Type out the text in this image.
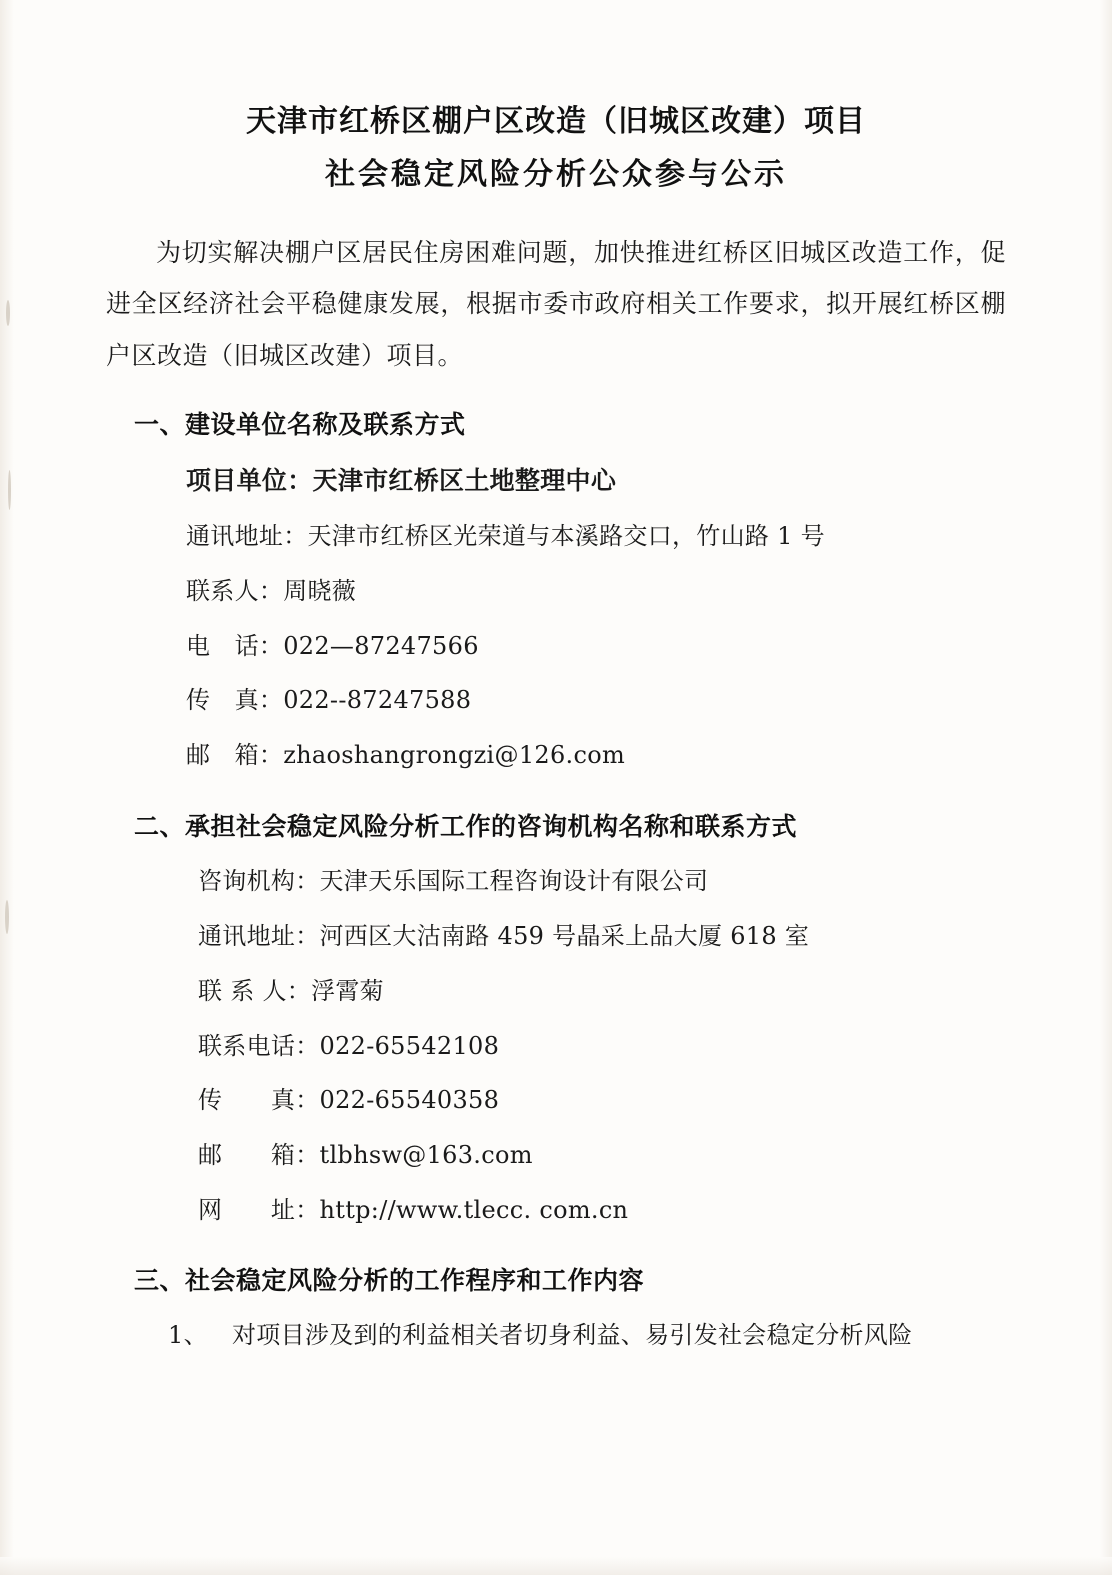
天津市红桥区棚户区改造（旧城区改建）项目
社会稳定风险分析公众参与公示

为切实解决棚户区居民住房困难问题，加快推进红桥区旧城区改造工作，促进全区经济社会平稳健康发展，根据市委市政府相关工作要求，拟开展红桥区棚户区改造（旧城区改建）项目。

一、建设单位名称及联系方式
项目单位：天津市红桥区土地整理中心
通讯地址：天津市红桥区光荣道与本溪路交口，竹山路 1 号
联系人：周晓薇
电　话：022—87247566
传　真：022--87247588
邮　箱：zhaoshangrongzi@126.com
二、承担社会稳定风险分析工作的咨询机构名称和联系方式
咨询机构：天津天乐国际工程咨询设计有限公司
通讯地址：河西区大沽南路 459 号晶采上品大厦 618 室
联 系 人：浮霄菊
联系电话：022-65542108
传　　真：022-65540358
邮　　箱：tlbhsw@163.com
网　　址：http://www.tlecc. com.cn
三、社会稳定风险分析的工作程序和工作内容
1、 对项目涉及到的利益相关者切身利益、易引发社会稳定分析风险
